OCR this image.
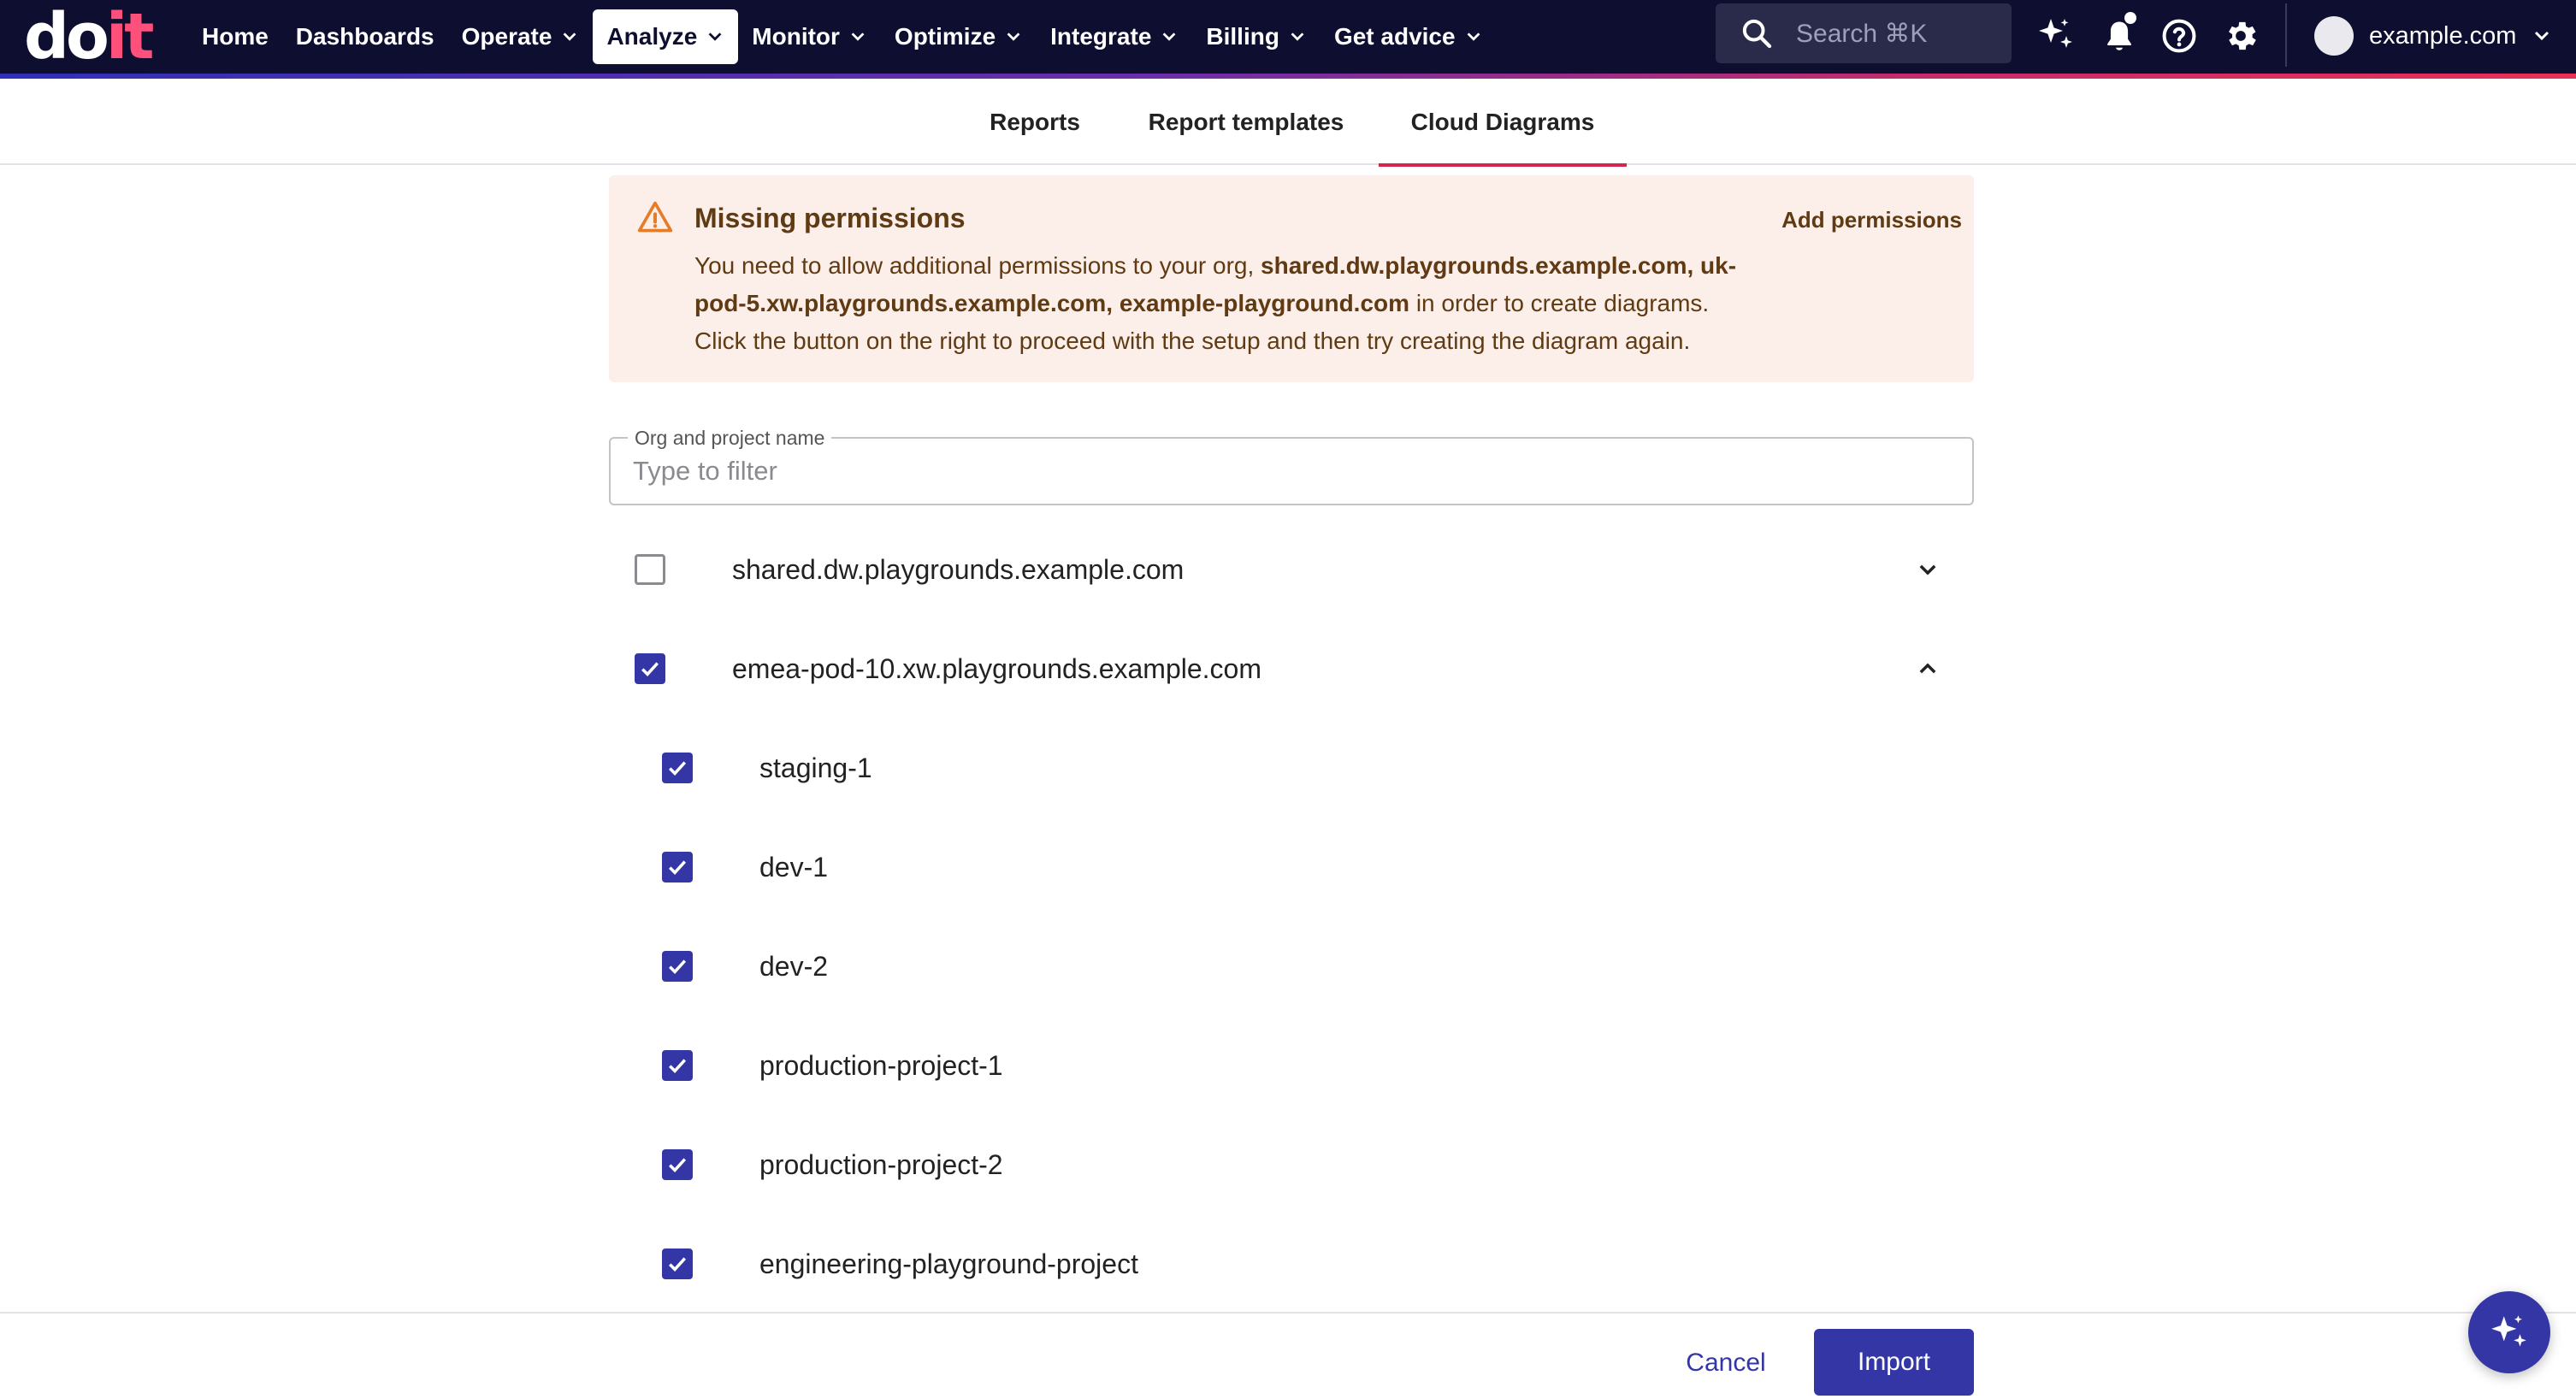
do it Home Dashboards Operate Analyze Monitor Optimize Integrate Billing Get advice	Search ⌘K	example.com
Reports	Report templates	Cloud Diagrams
Missing permissions
You need to allow additional permissions to your org, shared.dw.playgrounds.example.com, uk-pod-5.xw.playgrounds.example.com, example-playground.com in order to create diagrams.
Click the button on the right to proceed with the setup and then try creating the diagram again.
Add permissions
Org and project name
Type to filter
shared.dw.playgrounds.example.com
emea-pod-10.xw.playgrounds.example.com
staging-1
dev-1
dev-2
production-project-1
production-project-2
engineering-playground-project
Cancel	Import
